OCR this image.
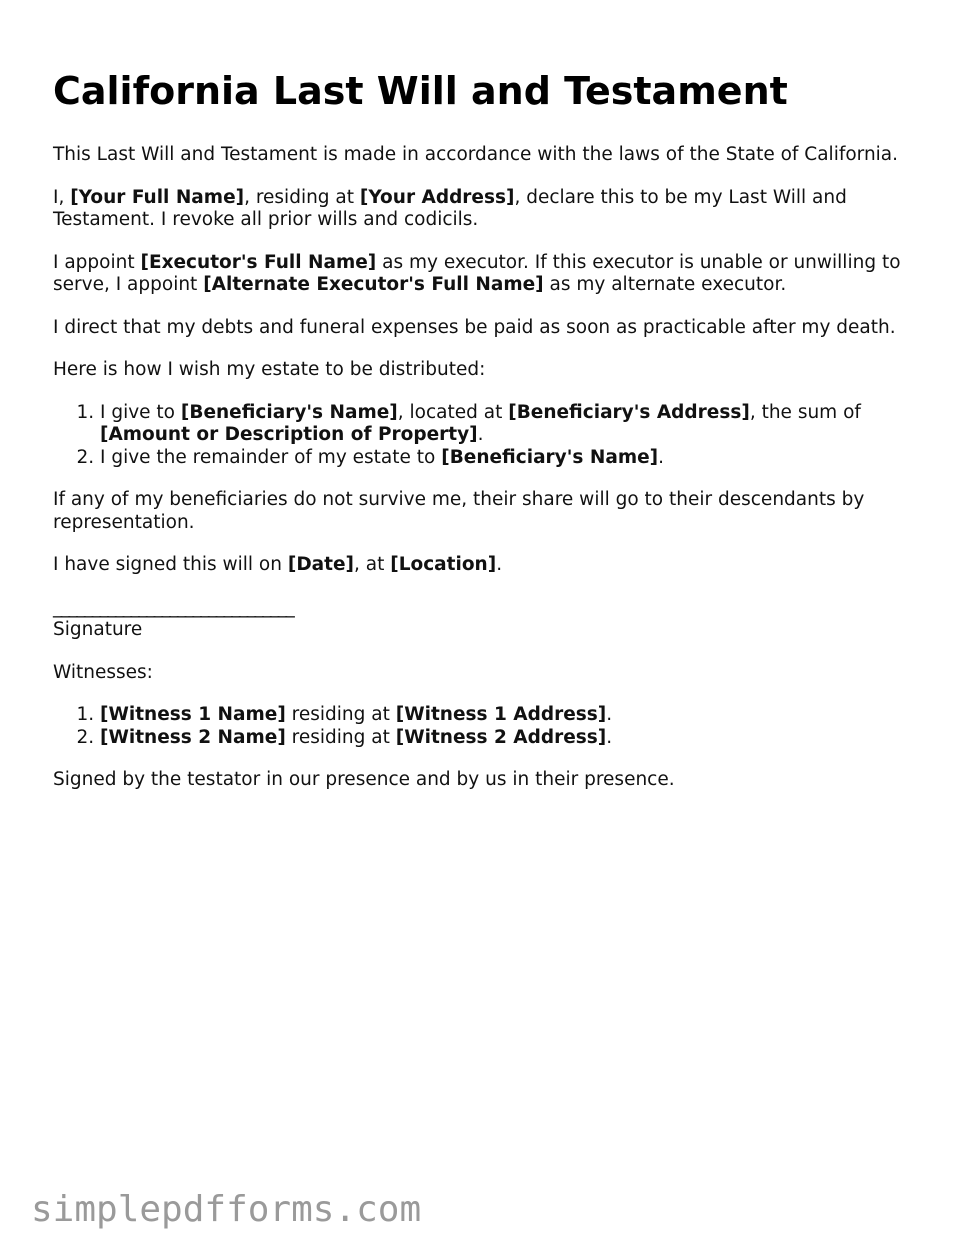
California Last Will and Testament

This Last Will and Testament is made in accordance with the laws of the State of California.

I, [Your Full Name], residing at [Your Address], declare this to be my Last Will and Testament. I revoke all prior wills and codicils.

I appoint [Executor's Full Name] as my executor. If this executor is unable or unwilling to serve, I appoint [Alternate Executor's Full Name] as my alternate executor.

I direct that my debts and funeral expenses be paid as soon as practicable after my death.

Here is how I wish my estate to be distributed:

1. I give to [Beneficiary's Name], located at [Beneficiary's Address], the sum of [Amount or Description of Property].
2. I give the remainder of my estate to [Beneficiary's Name].

If any of my beneficiaries do not survive me, their share will go to their descendants by representation.

I have signed this will on [Date], at [Location].

_______________________________

Signature

Witnesses:

1. [Witness 1 Name] residing at [Witness 1 Address].
2. [Witness 2 Name] residing at [Witness 2 Address].

Signed by the testator in our presence and by us in their presence.

simplepdfforms.com
